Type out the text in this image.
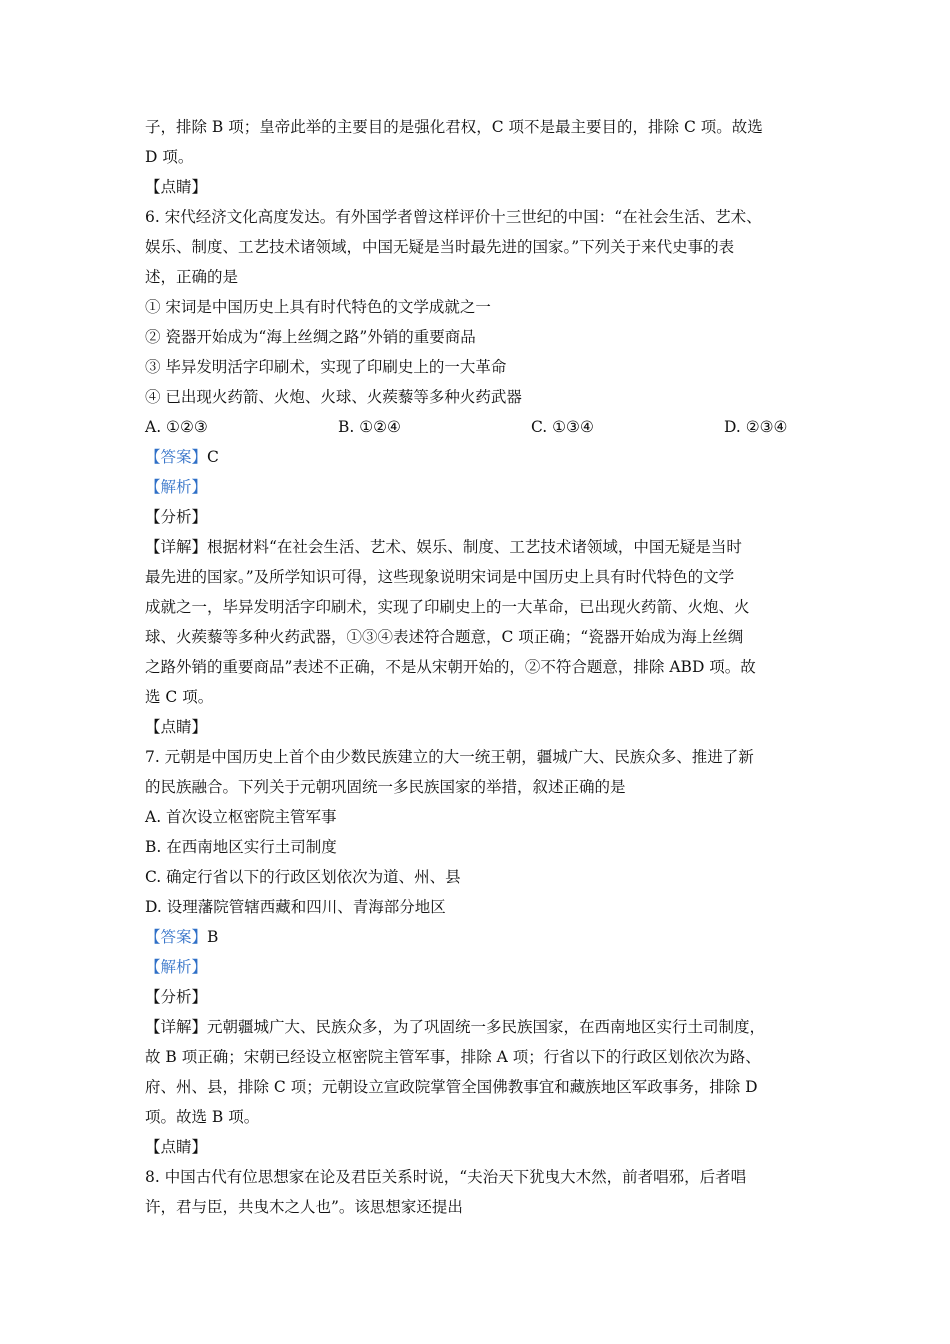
子，排除 B 项；皇帝此举的主要目的是强化君权，C 项不是最主要目的，排除 C 项。故选
D 项。
【点睛】
6. 宋代经济文化高度发达。有外国学者曾这样评价十三世纪的中国：“在社会生活、艺术、
娱乐、制度、工艺技术诸领域，中国无疑是当时最先进的国家。”下列关于来代史事的表
述，正确的是
① 宋词是中国历史上具有时代特色的文学成就之一
② 瓷器开始成为“海上丝绸之路”外销的重要商品
③ 毕异发明活字印刷术，实现了印刷史上的一大革命
④ 已出现火药箭、火炮、火球、火蒺藜等多种火药武器
A. ①②③	B. ①②④	C. ①③④	D. ②③④
【答案】C
【解析】
【分析】
【详解】根据材料“在社会生活、艺术、娱乐、制度、工艺技术诸领域，中国无疑是当时
最先进的国家。”及所学知识可得，这些现象说明宋词是中国历史上具有时代特色的文学
成就之一，毕异发明活字印刷术，实现了印刷史上的一大革命，已出现火药箭、火炮、火
球、火蒺藜等多种火药武器，①③④表述符合题意，C 项正确；“瓷器开始成为海上丝绸
之路外销的重要商品”表述不正确，不是从宋朝开始的，②不符合题意，排除 ABD 项。故
选 C 项。
【点睛】
7. 元朝是中国历史上首个由少数民族建立的大一统王朝，疆城广大、民族众多、推进了新
的民族融合。下列关于元朝巩固统一多民族国家的举措，叙述正确的是
A. 首次设立枢密院主管军事
B. 在西南地区实行土司制度
C. 确定行省以下的行政区划依次为道、州、县
D. 设理藩院管辖西藏和四川、青海部分地区
【答案】B
【解析】
【分析】
【详解】元朝疆城广大、民族众多，为了巩固统一多民族国家，在西南地区实行土司制度，
故 B 项正确；宋朝已经设立枢密院主管军事，排除 A 项；行省以下的行政区划依次为路、
府、州、县，排除 C 项；元朝设立宣政院掌管全国佛教事宜和藏族地区军政事务，排除 D
项。故选 B 项。
【点睛】
8. 中国古代有位思想家在论及君臣关系时说，“夫治天下犹曳大木然，前者唱邪，后者唱
许，君与臣，共曳木之人也”。该思想家还提出
